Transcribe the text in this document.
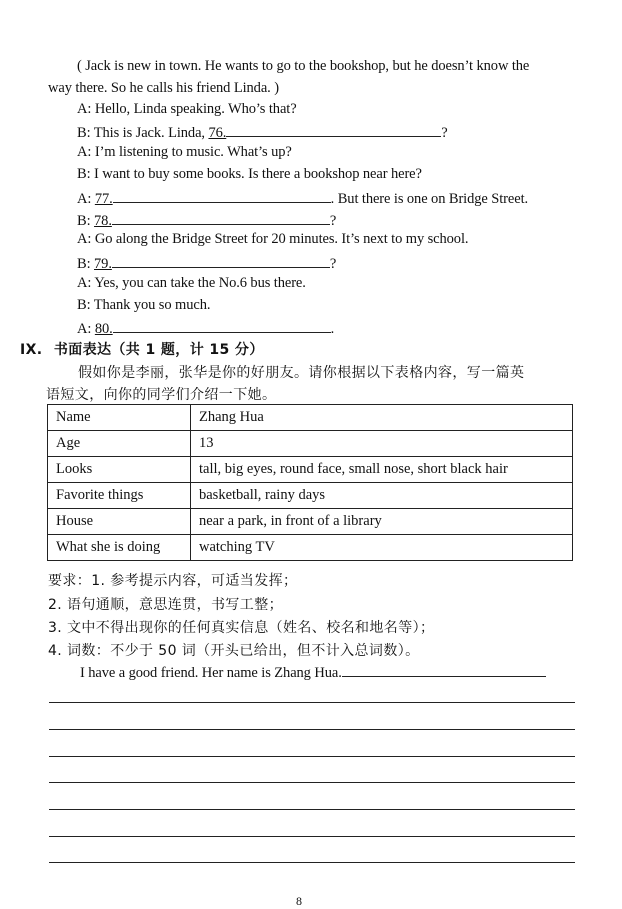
( Jack is new in town. He wants to go to the bookshop, but he doesn’t know the
way there. So he calls his friend Linda. )
A: Hello, Linda speaking. Who’s that?
B: This is Jack. Linda, 76.	?
A: I’m listening to music. What’s up?
B: I want to buy some books. Is there a bookshop near here?
A: 77.	. But there is one on Bridge Street.
B: 78.	?
A: Go along the Bridge Street for 20 minutes. It’s next to my school.
B: 79.	?
A: Yes, you can take the No.6 bus there.
B: Thank you so much.
A: 80.	.
IX. 书面表达（共 1 题，计 15 分）
假如你是李丽，张华是你的好朋友。请你根据以下表格内容，写一篇英
语短文，向你的同学们介绍一下她。
Name	Zhang Hua
Age	13
Looks	tall, big eyes, round face, small nose, short black hair
Favorite things	basketball, rainy days
House	near a park, in front of a library
What she is doing	watching TV
要求：1. 参考提示内容，可适当发挥；
2. 语句通顺，意思连贯，书写工整；
3. 文中不得出现你的任何真实信息（姓名、校名和地名等）；
4. 词数：不少于 50 词（开头已给出，但不计入总词数）。
I have a good friend. Her name is Zhang Hua.
8
